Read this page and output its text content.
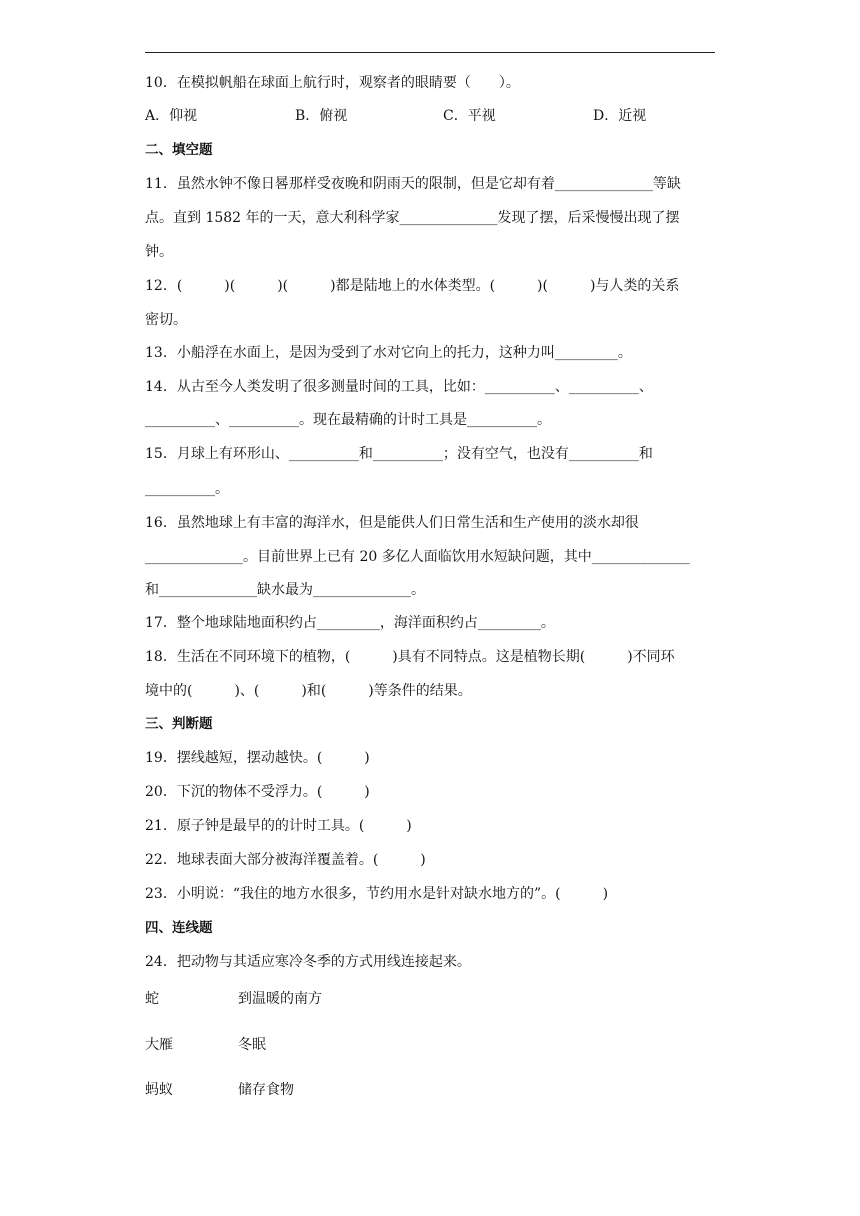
10．在模拟帆船在球面上航行时，观察者的眼睛要（　　）。
A．仰视	B．俯视	C．平视	D．近视
二、填空题
11．虽然水钟不像日晷那样受夜晚和阴雨天的限制，但是它却有着______________等缺
点。直到 1582 年的一天，意大利科学家______________发现了摆，后采慢慢出现了摆
钟。
12．(　　　)(　　　)(　　　)都是陆地上的水体类型。(　　　)(　　　)与人类的关系
密切。
13．小船浮在水面上，是因为受到了水对它向上的托力，这种力叫_________。
14．从古至今人类发明了很多测量时间的工具，比如：__________、__________、
__________、__________。现在最精确的计时工具是__________。
15．月球上有环形山、__________和__________；没有空气，也没有__________和
__________。
16．虽然地球上有丰富的海洋水，但是能供人们日常生活和生产使用的淡水却很
______________。目前世界上已有 20 多亿人面临饮用水短缺问题，其中______________
和______________缺水最为______________。
17．整个地球陆地面积约占_________，海洋面积约占_________。
18．生活在不同环境下的植物，(　　　)具有不同特点。这是植物长期(　　　)不同环
境中的(　　　)、(　　　)和(　　　)等条件的结果。
三、判断题
19．摆线越短，摆动越快。(　　　)
20．下沉的物体不受浮力。(　　　)
21．原子钟是最早的的计时工具。(　　　)
22．地球表面大部分被海洋覆盖着。(　　　)
23．小明说：“我住的地方水很多，节约用水是针对缺水地方的”。(　　　)
四、连线题
24．把动物与其适应寒冷冬季的方式用线连接起来。
蛇	到温暖的南方
大雁	冬眠
蚂蚁	储存食物
